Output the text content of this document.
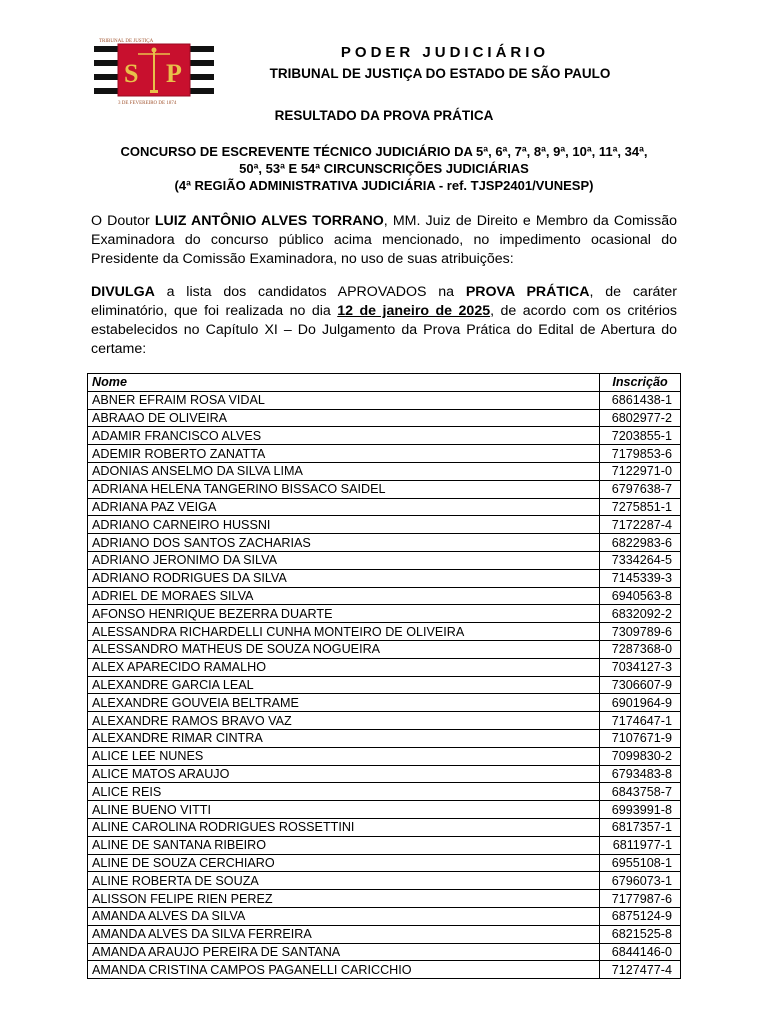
TRIBUNAL DE JUSTIÇA
S P
3 DE FEVEREIRO DE 1874
PODER JUDICIÁRIO
TRIBUNAL DE JUSTIÇA DO ESTADO DE SÃO PAULO
RESULTADO DA PROVA PRÁTICA
CONCURSO DE ESCREVENTE TÉCNICO JUDICIÁRIO DA 5ª, 6ª, 7ª, 8ª, 9ª, 10ª, 11ª, 34ª,
50ª, 53ª E 54ª CIRCUNSCRIÇÕES JUDICIÁRIAS
(4ª REGIÃO ADMINISTRATIVA JUDICIÁRIA - ref. TJSP2401/VUNESP)
O Doutor LUIZ ANTÔNIO ALVES TORRANO, MM. Juiz de Direito e Membro da Comissão Examinadora do concurso público acima mencionado, no impedimento ocasional do Presidente da Comissão Examinadora, no uso de suas atribuições:
DIVULGA a lista dos candidatos APROVADOS na PROVA PRÁTICA, de caráter eliminatório, que foi realizada no dia 12 de janeiro de 2025, de acordo com os critérios estabelecidos no Capítulo XI – Do Julgamento da Prova Prática do Edital de Abertura do certame:
Nome	Inscrição
ABNER EFRAIM ROSA VIDAL	6861438-1
ABRAAO DE OLIVEIRA	6802977-2
ADAMIR FRANCISCO ALVES	7203855-1
ADEMIR ROBERTO ZANATTA	7179853-6
ADONIAS ANSELMO DA SILVA LIMA	7122971-0
ADRIANA HELENA TANGERINO BISSACO SAIDEL	6797638-7
ADRIANA PAZ VEIGA	7275851-1
ADRIANO CARNEIRO HUSSNI	7172287-4
ADRIANO DOS SANTOS ZACHARIAS	6822983-6
ADRIANO JERONIMO DA SILVA	7334264-5
ADRIANO RODRIGUES DA SILVA	7145339-3
ADRIEL DE MORAES SILVA	6940563-8
AFONSO HENRIQUE BEZERRA DUARTE	6832092-2
ALESSANDRA RICHARDELLI CUNHA MONTEIRO DE OLIVEIRA	7309789-6
ALESSANDRO MATHEUS DE SOUZA NOGUEIRA	7287368-0
ALEX APARECIDO RAMALHO	7034127-3
ALEXANDRE GARCIA LEAL	7306607-9
ALEXANDRE GOUVEIA BELTRAME	6901964-9
ALEXANDRE RAMOS BRAVO VAZ	7174647-1
ALEXANDRE RIMAR CINTRA	7107671-9
ALICE LEE NUNES	7099830-2
ALICE MATOS ARAUJO	6793483-8
ALICE REIS	6843758-7
ALINE BUENO VITTI	6993991-8
ALINE CAROLINA RODRIGUES ROSSETTINI	6817357-1
ALINE DE SANTANA RIBEIRO	6811977-1
ALINE DE SOUZA CERCHIARO	6955108-1
ALINE ROBERTA DE SOUZA	6796073-1
ALISSON FELIPE RIEN PEREZ	7177987-6
AMANDA ALVES DA SILVA	6875124-9
AMANDA ALVES DA SILVA FERREIRA	6821525-8
AMANDA ARAUJO PEREIRA DE SANTANA	6844146-0
AMANDA CRISTINA CAMPOS PAGANELLI CARICCHIO	7127477-4
